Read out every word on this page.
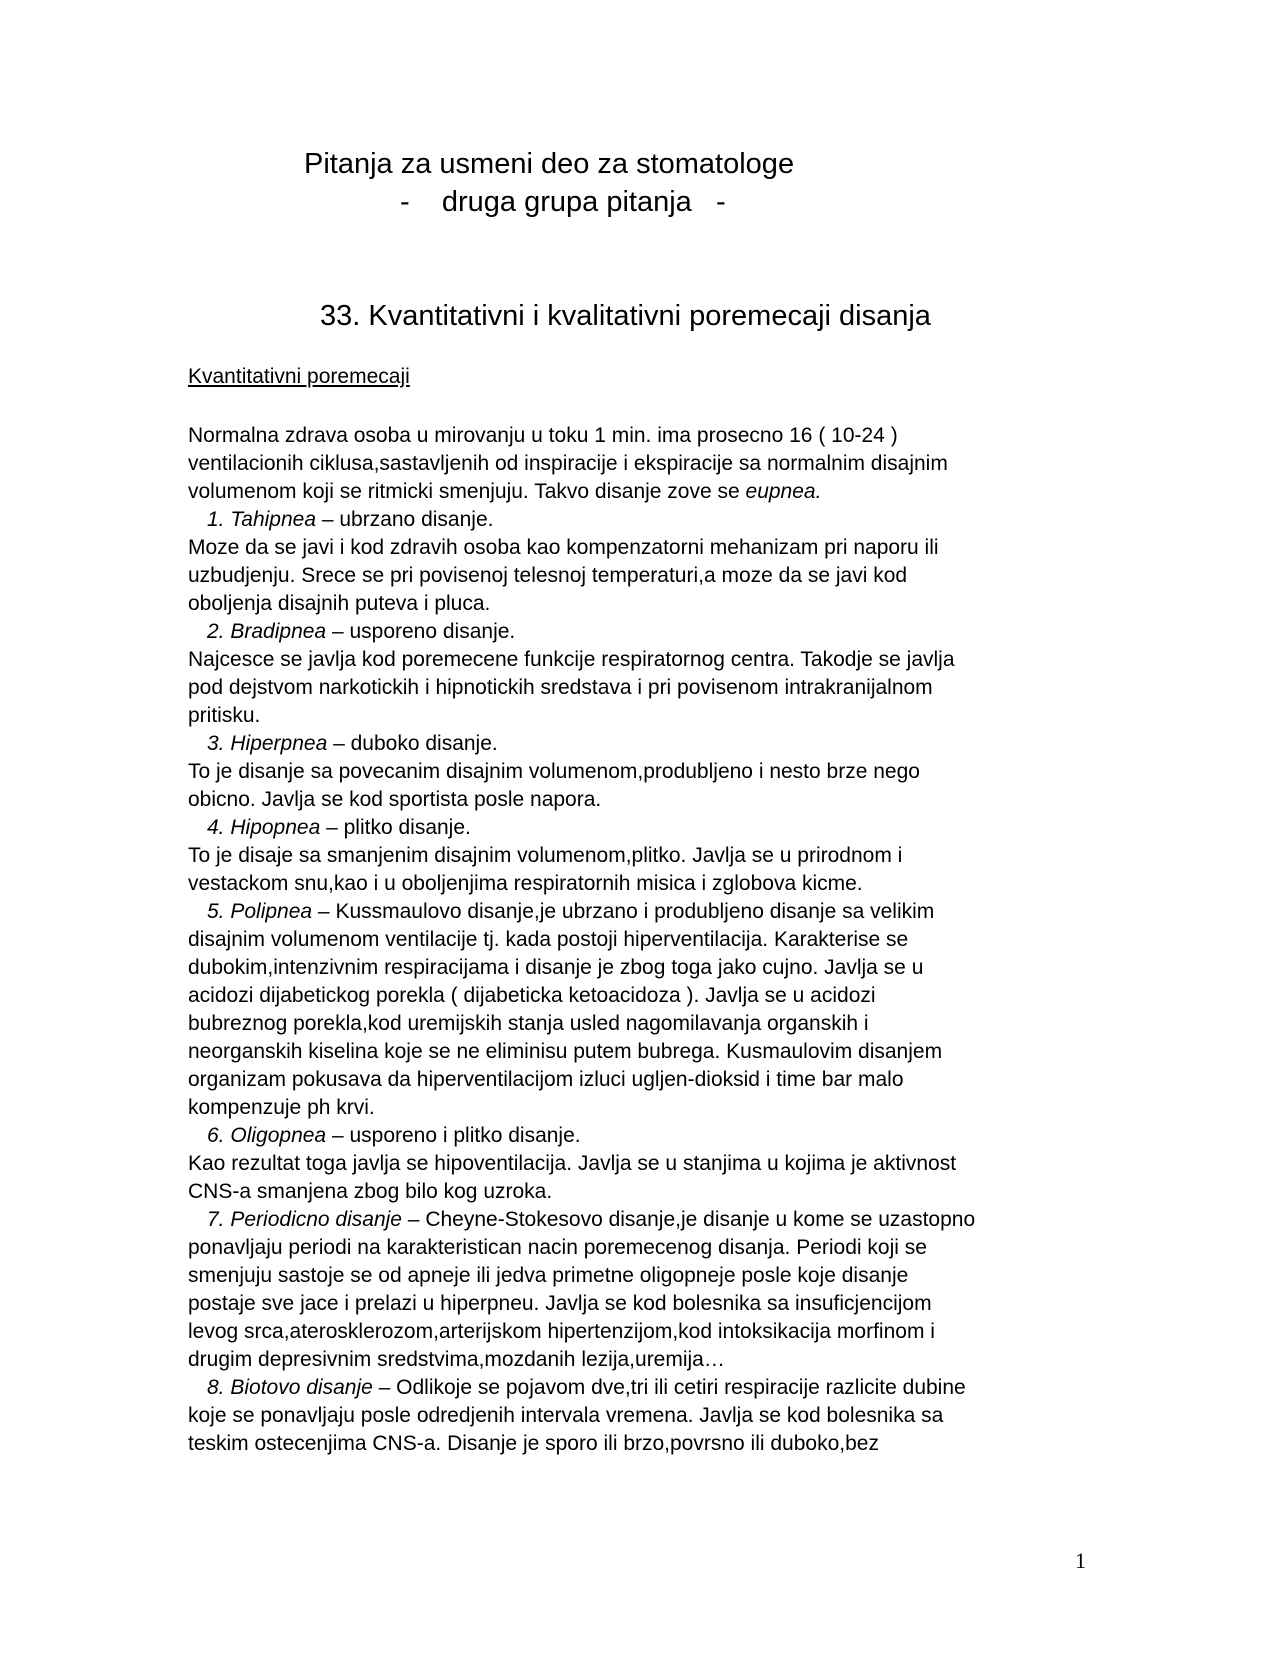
Pitanja za usmeni deo za stomatologe
-    druga grupa pitanja   -
33. Kvantitativni i kvalitativni poremecaji disanja
Kvantitativni poremecaji
Normalna zdrava osoba u mirovanju u toku 1 min. ima prosecno 16 ( 10-24 )
ventilacionih ciklusa,sastavljenih od inspiracije i ekspiracije sa normalnim disajnim
volumenom koji se ritmicki smenjuju. Takvo disanje zove se eupnea.
1. Tahipnea – ubrzano disanje.
Moze da se javi i kod zdravih osoba kao kompenzatorni mehanizam pri naporu ili
uzbudjenju. Srece se pri povisenoj telesnoj temperaturi,a moze da se javi kod
oboljenja disajnih puteva i pluca.
2. Bradipnea – usporeno disanje.
Najcesce se javlja kod poremecene funkcije respiratornog centra. Takodje se javlja
pod dejstvom narkotickih i hipnotickih sredstava i pri povisenom intrakranijalnom
pritisku.
3. Hiperpnea – duboko disanje.
To je disanje sa povecanim disajnim volumenom,produbljeno i nesto brze nego
obicno. Javlja se kod sportista posle napora.
4. Hipopnea – plitko disanje.
To je disaje sa smanjenim disajnim volumenom,plitko. Javlja se u prirodnom i
vestackom snu,kao i u oboljenjima respiratornih misica i zglobova kicme.
5. Polipnea – Kussmaulovo disanje,je ubrzano i produbljeno disanje sa velikim
disajnim volumenom ventilacije tj. kada postoji hiperventilacija. Karakterise se
dubokim,intenzivnim respiracijama i disanje je zbog toga jako cujno. Javlja se u
acidozi dijabetickog porekla ( dijabeticka ketoacidoza ). Javlja se u acidozi
bubreznog porekla,kod uremijskih stanja usled nagomilavanja organskih i
neorganskih kiselina koje se ne eliminisu putem bubrega. Kusmaulovim disanjem
organizam pokusava da hiperventilacijom izluci ugljen-dioksid i time bar malo
kompenzuje ph krvi.
6. Oligopnea – usporeno i plitko disanje.
Kao rezultat toga javlja se hipoventilacija. Javlja se u stanjima u kojima je aktivnost
CNS-a smanjena zbog bilo kog uzroka.
7. Periodicno disanje – Cheyne-Stokesovo disanje,je disanje u kome se uzastopno
ponavljaju periodi na karakteristican nacin poremecenog disanja. Periodi koji se
smenjuju sastoje se od apneje ili jedva primetne oligopneje posle koje disanje
postaje sve jace i prelazi u hiperpneu. Javlja se kod bolesnika sa insuficjencijom
levog srca,aterosklerozom,arterijskom hipertenzijom,kod intoksikacija morfinom i
drugim depresivnim sredstvima,mozdanih lezija,uremija…
8. Biotovo disanje – Odlikoje se pojavom dve,tri ili cetiri respiracije razlicite dubine
koje se ponavljaju posle odredjenih intervala vremena. Javlja se kod bolesnika sa
teskim ostecenjima CNS-a. Disanje je sporo ili brzo,povrsno ili duboko,bez
1
